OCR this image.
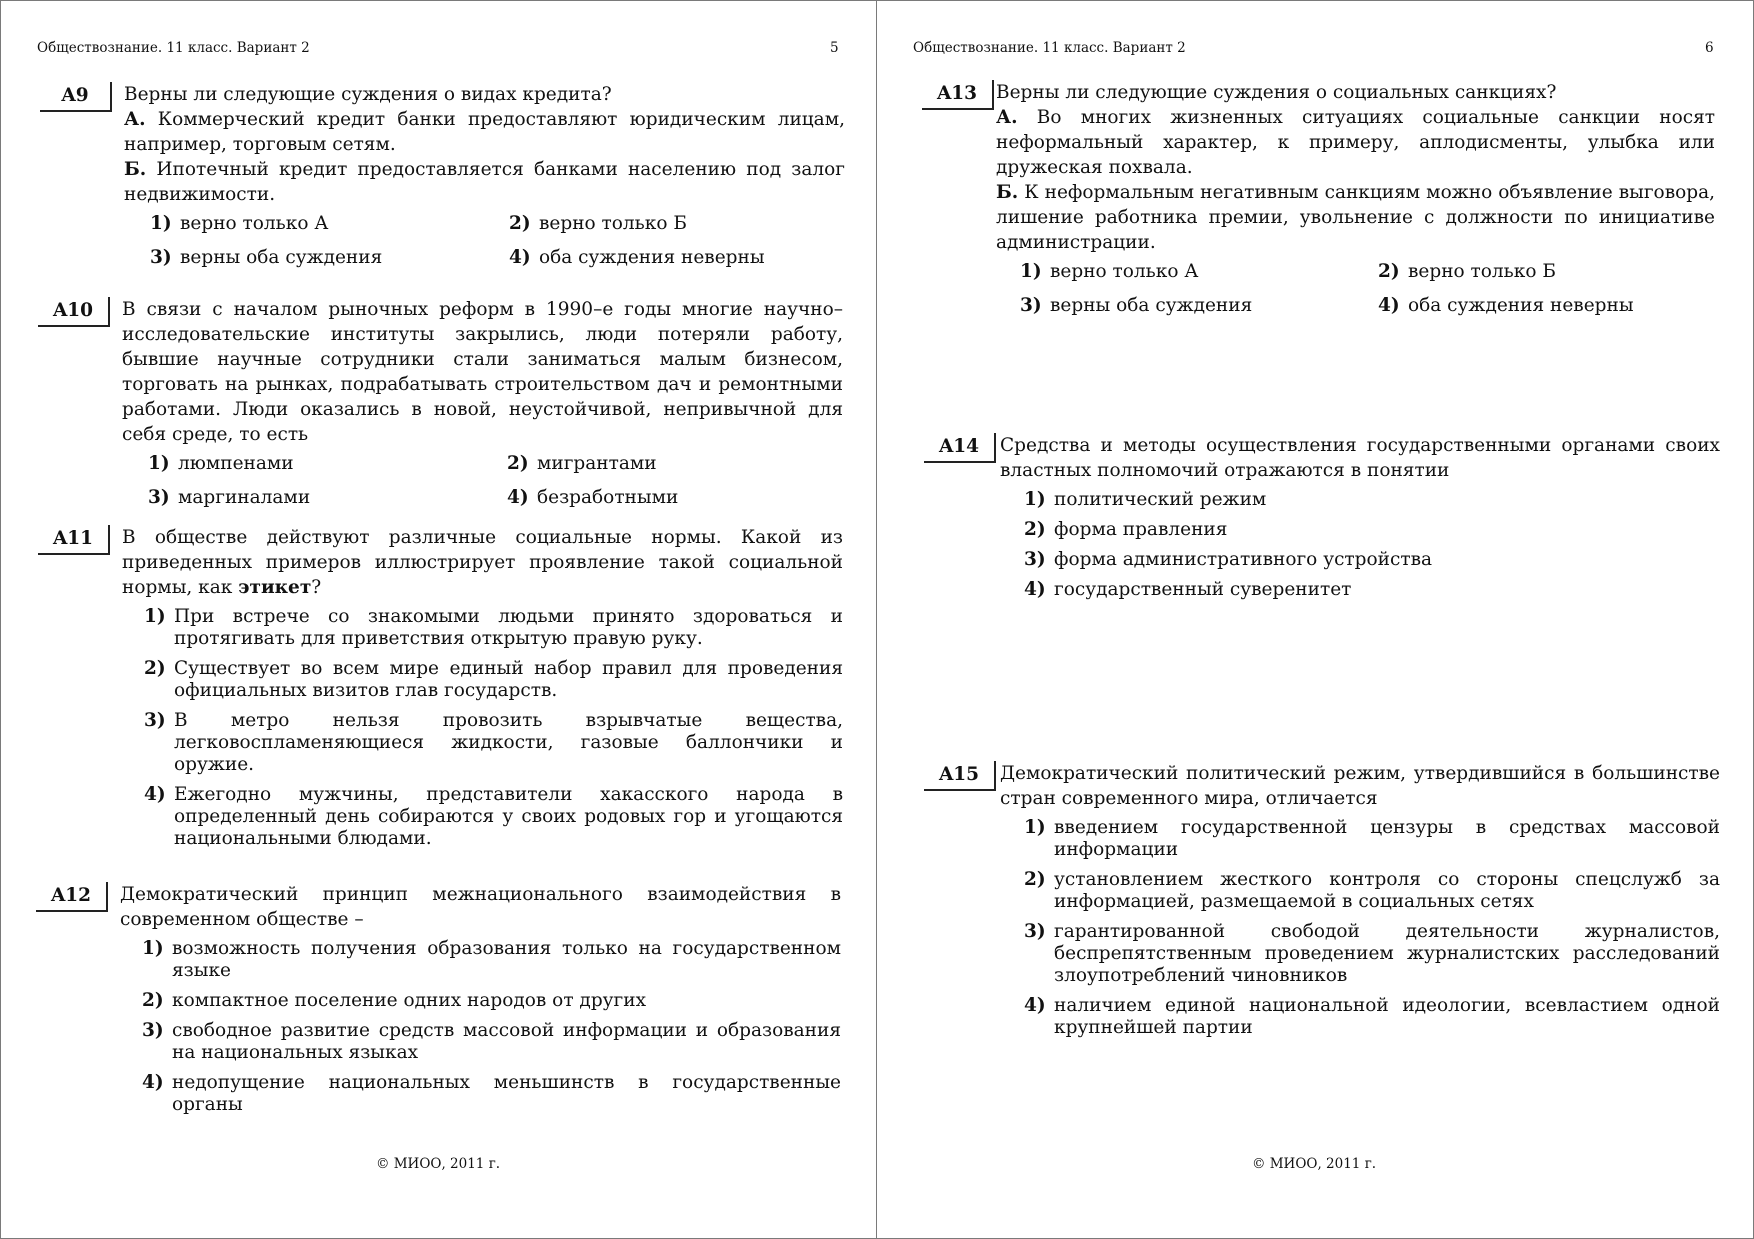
Обществознание. 11 класс. Вариант 2	5
A9	Верны ли следующие суждения о видах кредита?
А. Коммерческий кредит банки предоставляют юридическим лицам, например, торговым сетям.
Б. Ипотечный кредит предоставляется банками населению под залог недвижимости.
1) верно только А	2) верно только Б
3) верны оба суждения	4) оба суждения неверны
A10	В связи с началом рыночных реформ в 1990–е годы многие научно–исследовательские институты закрылись, люди потеряли работу, бывшие научные сотрудники стали заниматься малым бизнесом, торговать на рынках, подрабатывать строительством дач и ремонтными работами. Люди оказались в новой, неустойчивой, непривычной для себя среде, то есть
1) люмпенами	2) мигрантами
3) маргиналами	4) безработными
A11	В обществе действуют различные социальные нормы. Какой из приведенных примеров иллюстрирует проявление такой социальной нормы, как этикет?
1) При встрече со знакомыми людьми принято здороваться и протягивать для приветствия открытую правую руку.
2) Существует во всем мире единый набор правил для проведения официальных визитов глав государств.
3) В метро нельзя провозить взрывчатые вещества, легковоспламеняющиеся жидкости, газовые баллончики и оружие.
4) Ежегодно мужчины, представители хакасского народа в определенный день собираются у своих родовых гор и угощаются национальными блюдами.
A12	Демократический принцип межнационального взаимодействия в современном обществе –
1) возможность получения образования только на государственном языке
2) компактное поселение одних народов от других
3) свободное развитие средств массовой информации и образования на национальных языках
4) недопущение национальных меньшинств в государственные органы
© МИОО, 2011 г.
Обществознание. 11 класс. Вариант 2	6
A13	Верны ли следующие суждения о социальных санкциях?
А. Во многих жизненных ситуациях социальные санкции носят неформальный характер, к примеру, аплодисменты, улыбка или дружеская похвала.
Б. К неформальным негативным санкциям можно объявление выговора, лишение работника премии, увольнение с должности по инициативе администрации.
1) верно только А	2) верно только Б
3) верны оба суждения	4) оба суждения неверны
A14	Средства и методы осуществления государственными органами своих властных полномочий отражаются в понятии
1) политический режим
2) форма правления
3) форма административного устройства
4) государственный суверенитет
A15	Демократический политический режим, утвердившийся в большинстве стран современного мира, отличается
1) введением государственной цензуры в средствах массовой информации
2) установлением жесткого контроля со стороны спецслужб за информацией, размещаемой в социальных сетях
3) гарантированной свободой деятельности журналистов, беспрепятственным проведением журналистских расследований злоупотреблений чиновников
4) наличием единой национальной идеологии, всевластием одной крупнейшей партии
© МИОО, 2011 г.
